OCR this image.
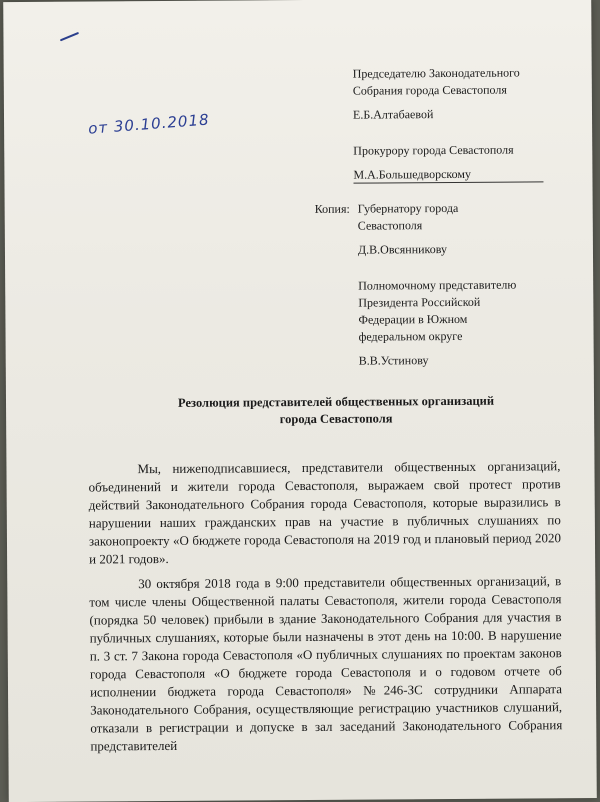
от 30.10.2018

Председателю Законодательного

Собрания города Севастополя

Е.Б.Алтабаевой

Прокурору города Севастополя

М.А.Большедворскому

Копия: Губернатору города

Севастополя

Д.В.Овсянникову

Полномочному представителю

Президента Российской

Федерации в Южном

федеральном округе

В.В.Устинову

Резолюция представителей общественных организаций

города Севастополя

Мы, нижеподписавшиеся, представители общественных организаций, объединений и жители города Севастополя, выражаем свой протест против действий Законодательного Собрания города Севастополя, которые выразились в нарушении наших гражданских прав на участие в публичных слушаниях по законопроекту «О бюджете города Севастополя на 2019 год и плановый период 2020 и 2021 годов».

30 октября 2018 года в 9:00 представители общественных организаций, в том числе члены Общественной палаты Севастополя, жители города Севастополя (порядка 50 человек) прибыли в здание Законодательного Собрания для участия в публичных слушаниях, которые были назначены в этот день на 10:00. В нарушение п. 3 ст. 7 Закона города Севастополя «О публичных слушаниях по проектам законов города Севастополя «О бюджете города Севастополя и о годовом отчете об исполнении бюджета города Севастополя» №246-ЗС сотрудники Аппарата Законодательного Собрания, осуществляющие регистрацию участников слушаний, отказали в регистрации и допуске в зал заседаний Законодательного Собрания представителей
